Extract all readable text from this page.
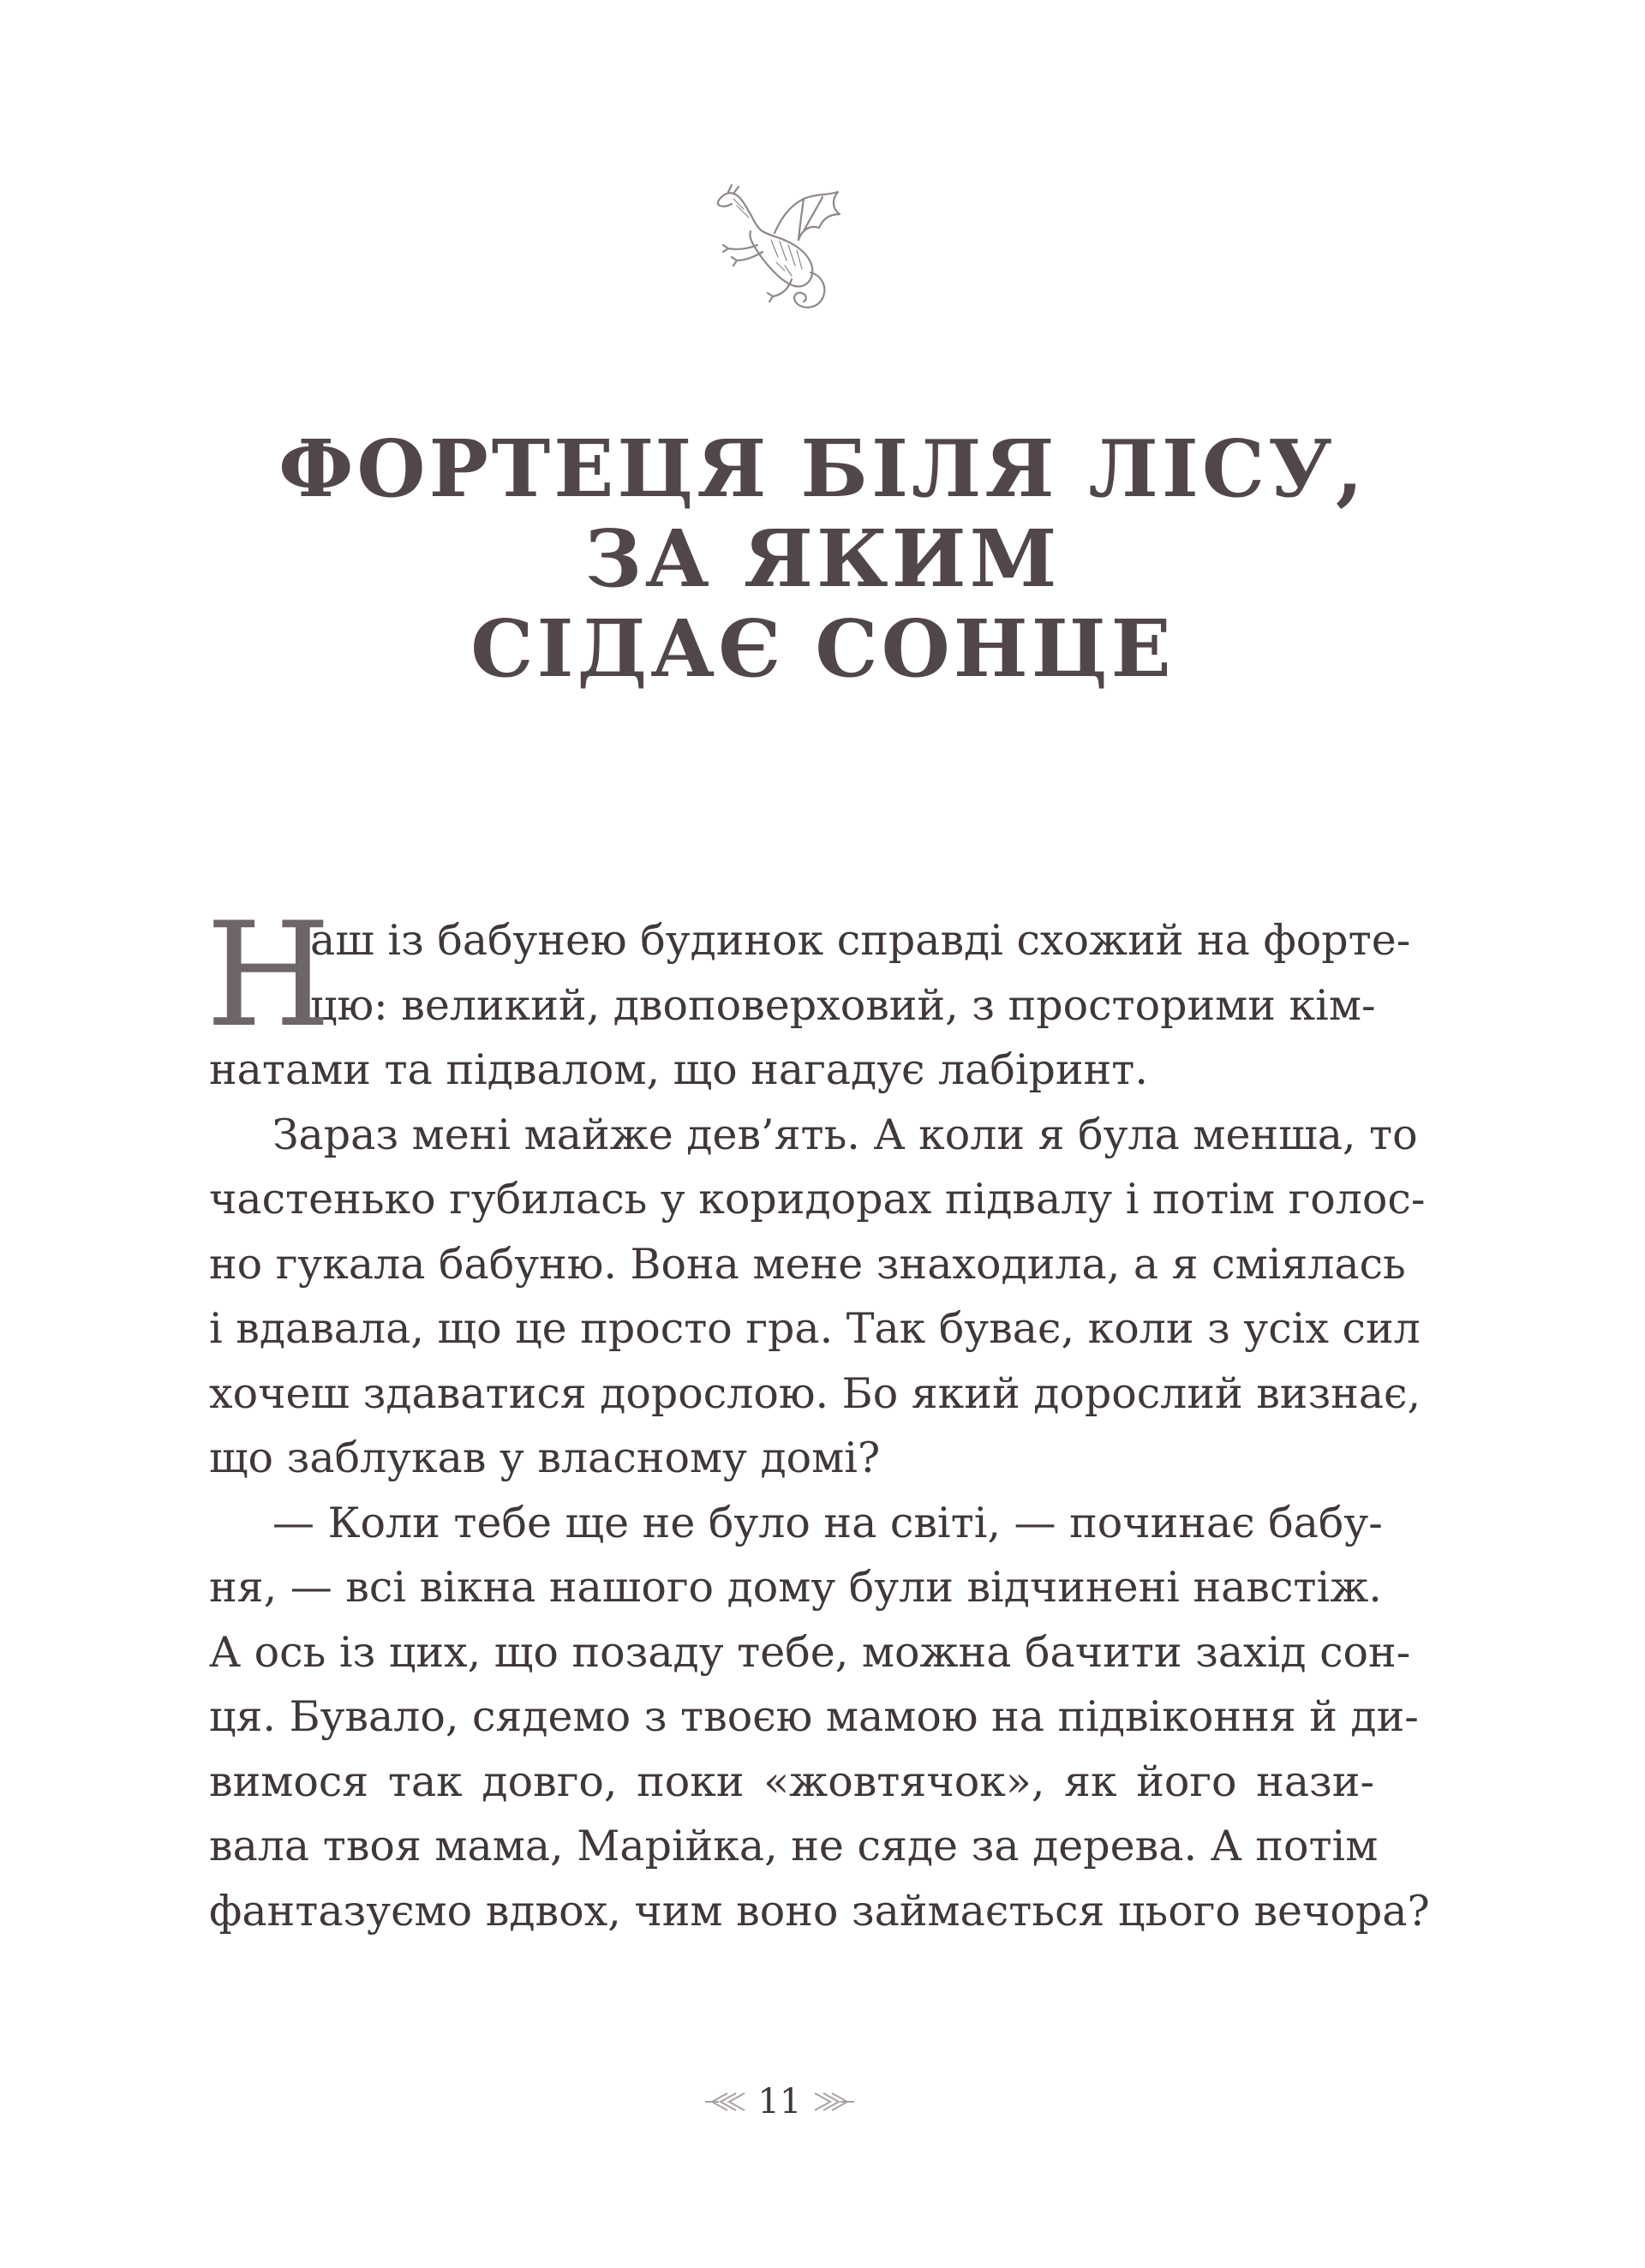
ФОРТЕЦЯ БІЛЯ ЛІСУ,
ЗА ЯКИМ
СІДАЄ СОНЦЕ
Н
аш із бабунею будинок справді схожий на форте-
цю: великий, двоповерховий, з просторими кім-
натами та підвалом, що нагадує лабіринт.
Зараз мені майже дев’ять. А коли я була менша, то
частенько губилась у коридорах підвалу і потім голос-
но гукала бабуню. Вона мене знаходила, а я сміялась
і вдавала, що це просто гра. Так буває, коли з усіх сил
хочеш здаватися дорослою. Бо який дорослий визнає,
що заблукав у власному домі?
— Коли тебе ще не було на світі, — починає бабу-
ня, — всі вікна нашого дому були відчинені навстіж.
А ось із цих, що позаду тебе, можна бачити захід сон-
ця. Бувало, сядемо з твоєю мамою на підвіконня й ди-
вимося так довго, поки «жовтячок», як його нази-
вала твоя мама, Марійка, не сяде за дерева. А потім
фантазуємо вдвох, чим воно займається цього вечора?
11
